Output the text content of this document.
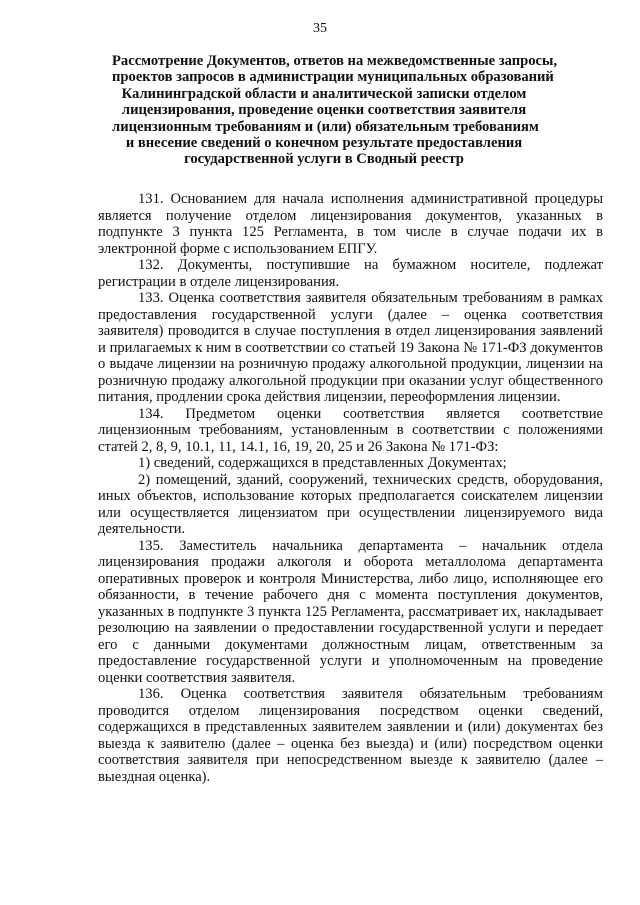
35
Рассмотрение Документов, ответов на межведомственные запросы,
проектов запросов в администрации муниципальных образований
Калининградской области и аналитической записки отделом
лицензирования, проведение оценки соответствия заявителя
лицензионным требованиям и (или) обязательным требованиям
и внесение сведений о конечном результате предоставления
государственной услуги в Сводный реестр

131. Основанием для начала исполнения административной процедуры является получение отделом лицензирования документов, указанных в подпункте 3 пункта 125 Регламента, в том числе в случае подачи их в электронной форме с использованием ЕПГУ.

132. Документы, поступившие на бумажном носителе, подлежат регистрации в отделе лицензирования.

133. Оценка соответствия заявителя обязательным требованиям в рамках предоставления государственной услуги (далее – оценка соответствия заявителя) проводится в случае поступления в отдел лицензирования заявлений и прилагаемых к ним в соответствии со статьей 19 Закона № 171-ФЗ документов о выдаче лицензии на розничную продажу алкогольной продукции, лицензии на розничную продажу алкогольной продукции при оказании услуг общественного питания, продлении срока действия лицензии, переоформления лицензии.

134. Предметом оценки соответствия является соответствие лицензионным требованиям, установленным в соответствии с положениями статей 2, 8, 9, 10.1, 11, 14.1, 16, 19, 20, 25 и 26 Закона № 171-ФЗ:

1) сведений, содержащихся в представленных Документах;

2) помещений, зданий, сооружений, технических средств, оборудования, иных объектов, использование которых предполагается соискателем лицензии или осуществляется лицензиатом при осуществлении лицензируемого вида деятельности.

135. Заместитель начальника департамента – начальник отдела лицензирования продажи алкоголя и оборота металлолома департамента оперативных проверок и контроля Министерства, либо лицо, исполняющее его обязанности, в течение рабочего дня с момента поступления документов, указанных в подпункте 3 пункта 125 Регламента, рассматривает их, накладывает резолюцию на заявлении о предоставлении государственной услуги и передает его с данными документами должностным лицам, ответственным за предоставление государственной услуги и уполномоченным на проведение оценки соответствия заявителя.

136. Оценка соответствия заявителя обязательным требованиям проводится отделом лицензирования посредством оценки сведений, содержащихся в представленных заявителем заявлении и (или) документах без выезда к заявителю (далее – оценка без выезда) и (или) посредством оценки соответствия заявителя при непосредственном выезде к заявителю (далее – выездная оценка).
